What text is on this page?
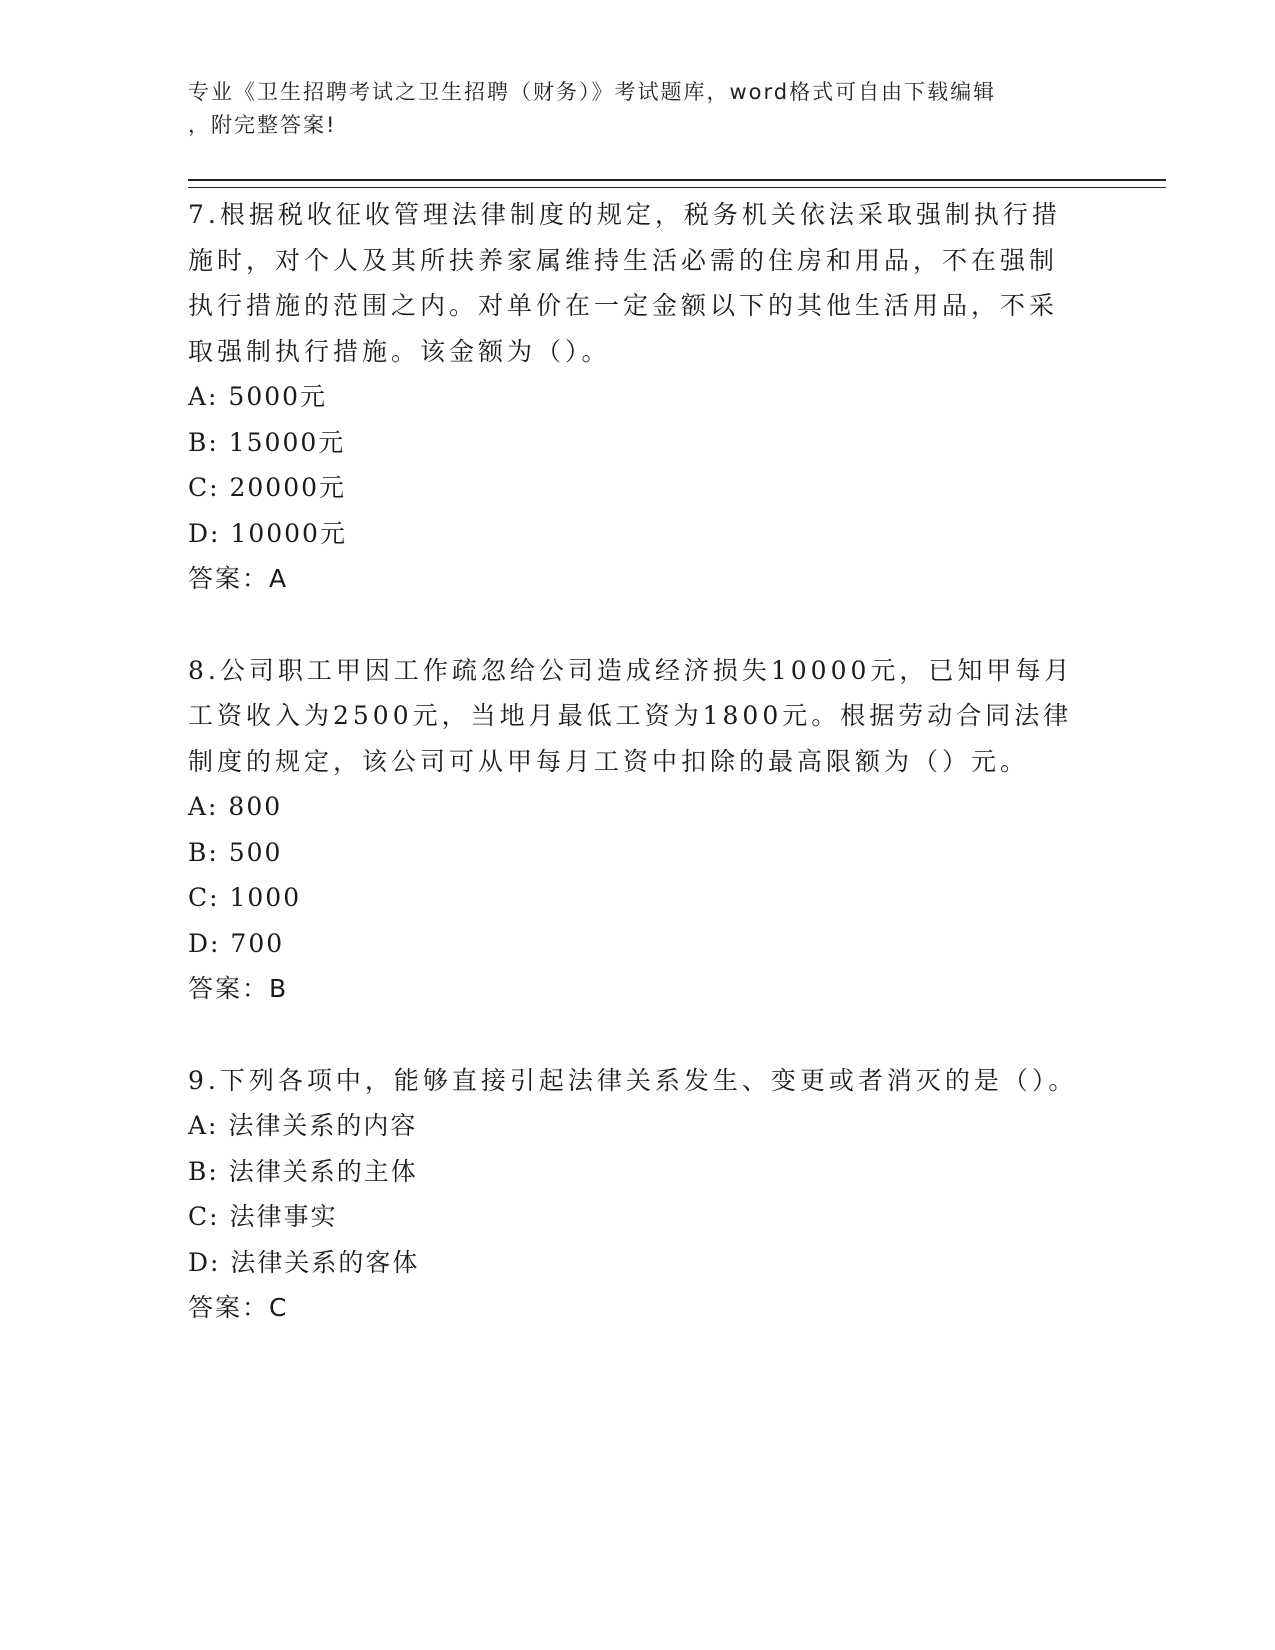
专业《卫生招聘考试之卫生招聘（财务）》考试题库，word格式可自由下载编辑
，附完整答案!

7.根据税收征收管理法律制度的规定，税务机关依法采取强制执行措施时，对个人及其所扶养家属维持生活必需的住房和用品，不在强制执行措施的范围之内。对单价在一定金额以下的其他生活用品，不采取强制执行措施。该金额为（）。

A: 5000元

B: 15000元

C: 20000元

D: 10000元

答案：A

8.公司职工甲因工作疏忽给公司造成经济损失10000元，已知甲每月工资收入为2500元，当地月最低工资为1800元。根据劳动合同法律制度的规定，该公司可从甲每月工资中扣除的最高限额为（）元。

A: 800

B: 500

C: 1000

D: 700

答案：B

9.下列各项中，能够直接引起法律关系发生、变更或者消灭的是（）。

A: 法律关系的内容

B: 法律关系的主体

C: 法律事实

D: 法律关系的客体

答案：C
